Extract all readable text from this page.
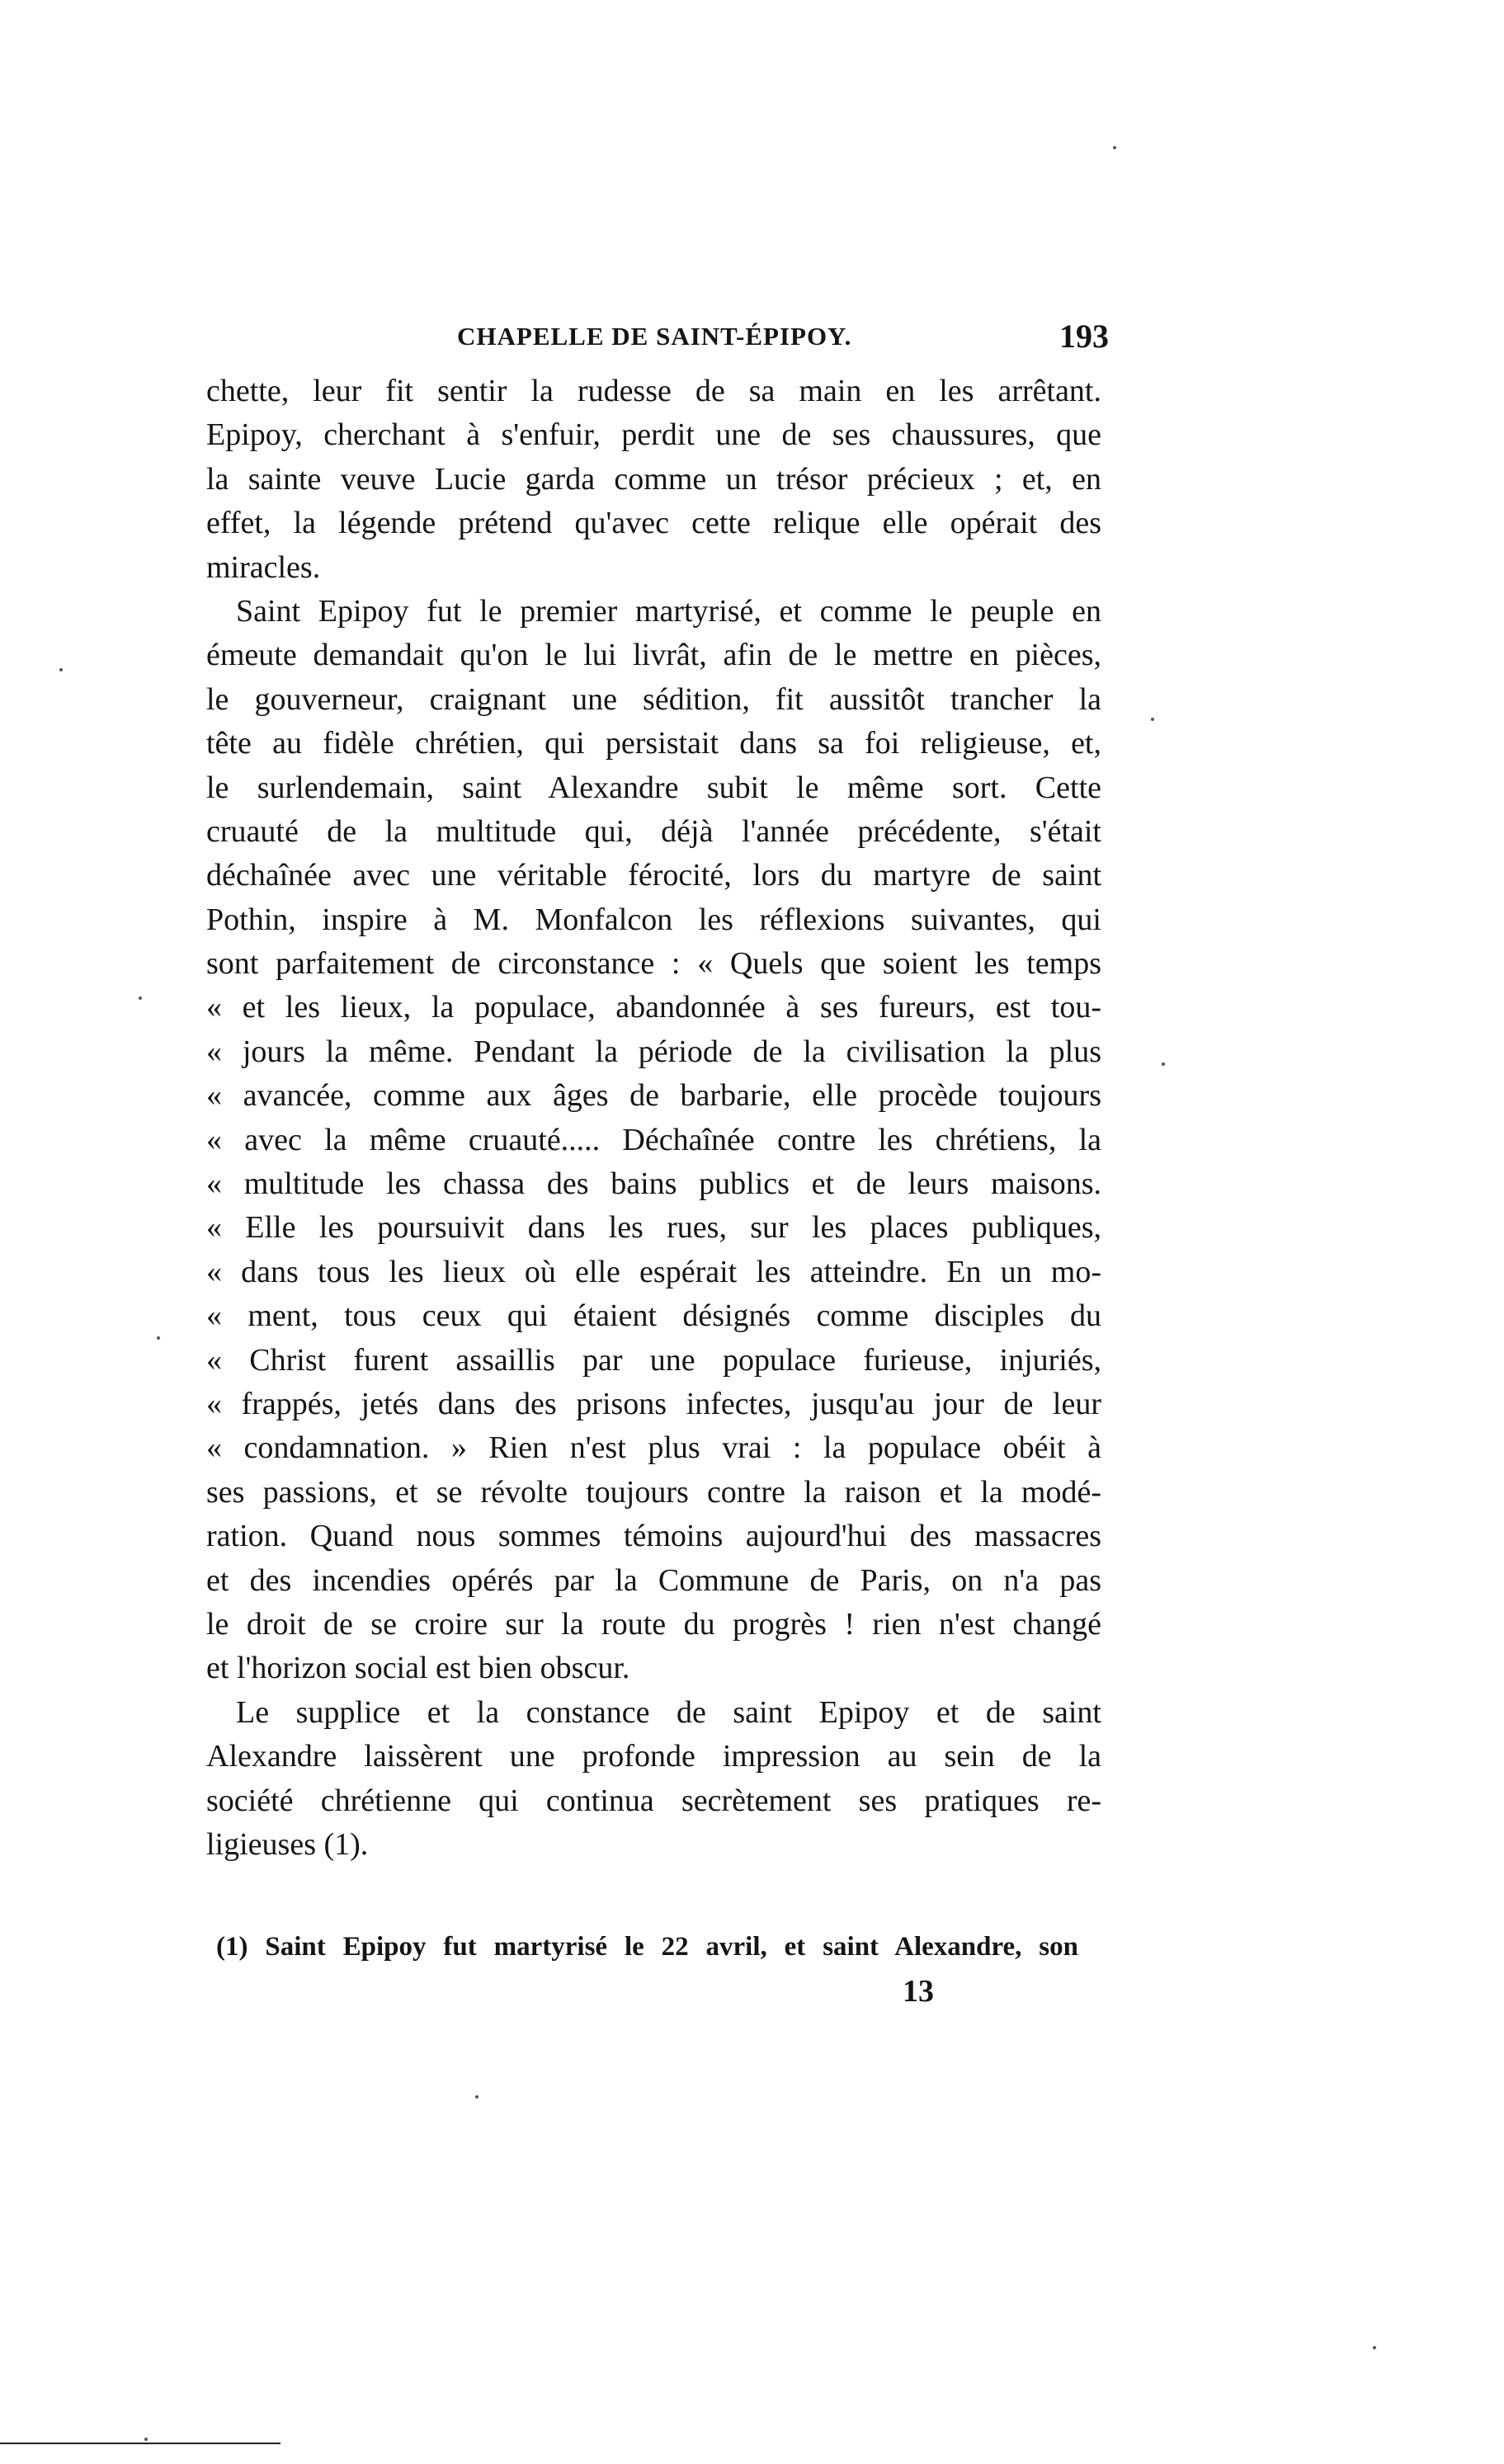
CHAPELLE DE SAINT-ÉPIPOY.	193
chette, leur fit sentir la rudesse de sa main en les arrêtant.
Epipoy, cherchant à s'enfuir, perdit une de ses chaussures, que
la sainte veuve Lucie garda comme un trésor précieux ; et, en
effet, la légende prétend qu'avec cette relique elle opérait des
miracles.
Saint Epipoy fut le premier martyrisé, et comme le peuple en
émeute demandait qu'on le lui livrât, afin de le mettre en pièces,
le gouverneur, craignant une sédition, fit aussitôt trancher la
tête au fidèle chrétien, qui persistait dans sa foi religieuse, et,
le surlendemain, saint Alexandre subit le même sort. Cette
cruauté de la multitude qui, déjà l'année précédente, s'était
déchaînée avec une véritable férocité, lors du martyre de saint
Pothin, inspire à M. Monfalcon les réflexions suivantes, qui
sont parfaitement de circonstance : « Quels que soient les temps
« et les lieux, la populace, abandonnée à ses fureurs, est tou-
« jours la même. Pendant la période de la civilisation la plus
« avancée, comme aux âges de barbarie, elle procède toujours
« avec la même cruauté..... Déchaînée contre les chrétiens, la
« multitude les chassa des bains publics et de leurs maisons.
« Elle les poursuivit dans les rues, sur les places publiques,
« dans tous les lieux où elle espérait les atteindre. En un mo-
« ment, tous ceux qui étaient désignés comme disciples du
« Christ furent assaillis par une populace furieuse, injuriés,
« frappés, jetés dans des prisons infectes, jusqu'au jour de leur
« condamnation. » Rien n'est plus vrai : la populace obéit à
ses passions, et se révolte toujours contre la raison et la modé-
ration. Quand nous sommes témoins aujourd'hui des massacres
et des incendies opérés par la Commune de Paris, on n'a pas
le droit de se croire sur la route du progrès ! rien n'est changé
et l'horizon social est bien obscur.
Le supplice et la constance de saint Epipoy et de saint
Alexandre laissèrent une profonde impression au sein de la
société chrétienne qui continua secrètement ses pratiques re-
ligieuses (1).
(1) Saint Epipoy fut martyrisé le 22 avril, et saint Alexandre, son
13
